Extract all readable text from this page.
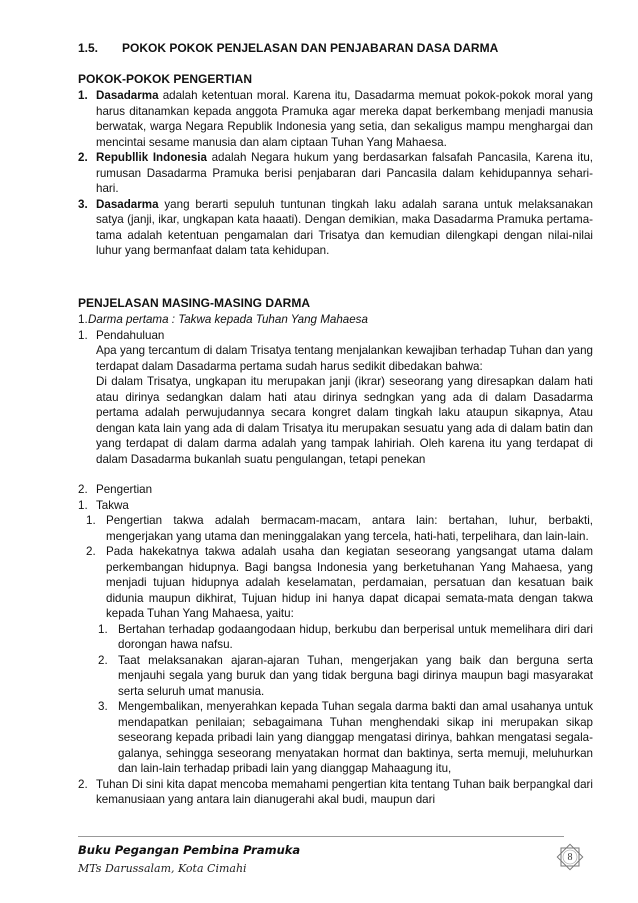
1.5. POKOK POKOK PENJELASAN DAN PENJABARAN DASA DARMA
POKOK-POKOK PENGERTIAN
1. Dasadarma adalah ketentuan moral. Karena itu, Dasadarma memuat pokok-pokok moral yang harus ditanamkan kepada anggota Pramuka agar mereka dapat berkembang menjadi manusia berwatak, warga Negara Republik Indonesia yang setia, dan sekaligus mampu menghargai dan mencintai sesame manusia dan alam ciptaan Tuhan Yang Mahaesa.
2. Republlik Indonesia adalah Negara hukum yang berdasarkan falsafah Pancasila, Karena itu, rumusan Dasadarma Pramuka berisi penjabaran dari Pancasila dalam kehidupannya sehari-hari.
3. Dasadarma yang berarti sepuluh tuntunan tingkah laku adalah sarana untuk melaksanakan satya (janji, ikar, ungkapan kata haaati). Dengan demikian, maka Dasadarma Pramuka pertama-tama adalah ketentuan pengamalan dari Trisatya dan kemudian dilengkapi dengan nilai-nilai luhur yang bermanfaat dalam tata kehidupan.
PENJELASAN MASING-MASING DARMA
1. Darma pertama : Takwa kepada Tuhan Yang Mahaesa
1. Pendahuluan
Apa yang tercantum di dalam Trisatya tentang menjalankan kewajiban terhadap Tuhan dan yang terdapat dalam Dasadarma pertama sudah harus sedikit dibedakan bahwa:
Di dalam Trisatya, ungkapan itu merupakan janji (ikrar) seseorang yang diresapkan dalam hati atau dirinya sedangkan dalam hati atau dirinya sedngkan yang ada di dalam Dasadarma pertama adalah perwujudannya secara kongret dalam tingkah laku ataupun sikapnya, Atau dengan kata lain yang ada di dalam Trisatya itu merupakan sesuatu yang ada di dalam batin dan yang terdapat di dalam darma adalah yang tampak lahiriah. Oleh karena itu yang terdapat di dalam Dasadarma bukanlah suatu pengulangan, tetapi penekan
2. Pengertian
1. Takwa
1. Pengertian takwa adalah bermacam-macam, antara lain: bertahan, luhur, berbakti, mengerjakan yang utama dan meninggalakan yang tercela, hati-hati, terpelihara, dan lain-lain.
2. Pada hakekatnya takwa adalah usaha dan kegiatan seseorang yangsangat utama dalam perkembangan hidupnya. Bagi bangsa Indonesia yang berketuhanan Yang Mahaesa, yang menjadi tujuan hidupnya adalah keselamatan, perdamaian, persatuan dan kesatuan baik didunia maupun dikhirat, Tujuan hidup ini hanya dapat dicapai semata-mata dengan takwa kepada Tuhan Yang Mahaesa, yaitu:
1. Bertahan terhadap godaangodaan hidup, berkubu dan berperisal untuk memelihara diri dari dorongan hawa nafsu.
2. Taat melaksanakan ajaran-ajaran Tuhan, mengerjakan yang baik dan berguna serta menjauhi segala yang buruk dan yang tidak berguna bagi dirinya maupun bagi masyarakat serta seluruh umat manusia.
3. Mengembalikan, menyerahkan kepada Tuhan segala darma bakti dan amal usahanya untuk mendapatkan penilaian; sebagaimana Tuhan menghendaki sikap ini merupakan sikap seseorang kepada pribadi lain yang dianggap mengatasi dirinya, bahkan mengatasi segala-galanya, sehingga seseorang menyatakan hormat dan baktinya, serta memuji, meluhurkan dan lain-lain terhadap pribadi lain yang dianggap Mahaagung itu,
2. Tuhan Di sini kita dapat mencoba memahami pengertian kita tentang Tuhan baik berpangkal dari kemanusiaan yang antara lain dianugerahi akal budi, maupun dari
Buku Pegangan Pembina Pramuka
MTs Darussalam, Kota Cimahi
8
